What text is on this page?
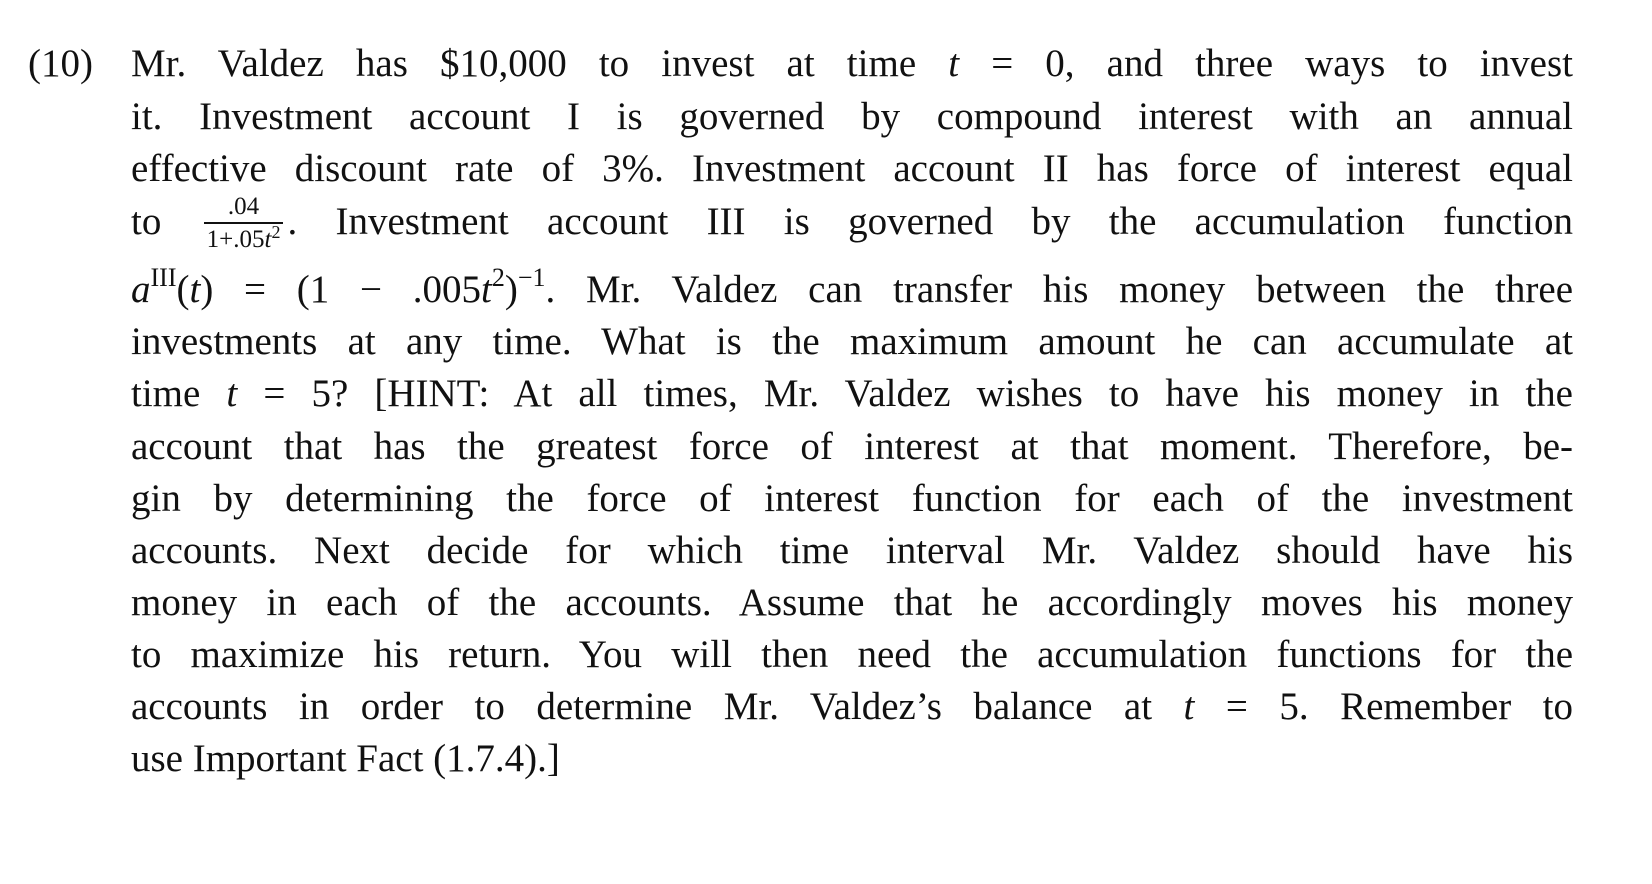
(10) Mr. Valdez has $10,000 to invest at time t = 0, and three ways to invest
it. Investment account I is governed by compound interest with an annual
effective discount rate of 3%. Investment account II has force of interest equal
to $\frac{.04}{1+.05t^2}$ . Investment account III is governed by the accumulation function
$a^{III}(t) = (1 - .005t^2)^{-1}$. Mr. Valdez can transfer his money between the three
investments at any time. What is the maximum amount he can accumulate at
time t = 5? [HINT: At all times, Mr. Valdez wishes to have his money in the
account that has the greatest force of interest at that moment. Therefore, be-
gin by determining the force of interest function for each of the investment
accounts. Next decide for which time interval Mr. Valdez should have his
money in each of the accounts. Assume that he accordingly moves his money
to maximize his return. You will then need the accumulation functions for the
accounts in order to determine Mr. Valdez’s balance at t = 5. Remember to
use Important Fact (1.7.4).]
